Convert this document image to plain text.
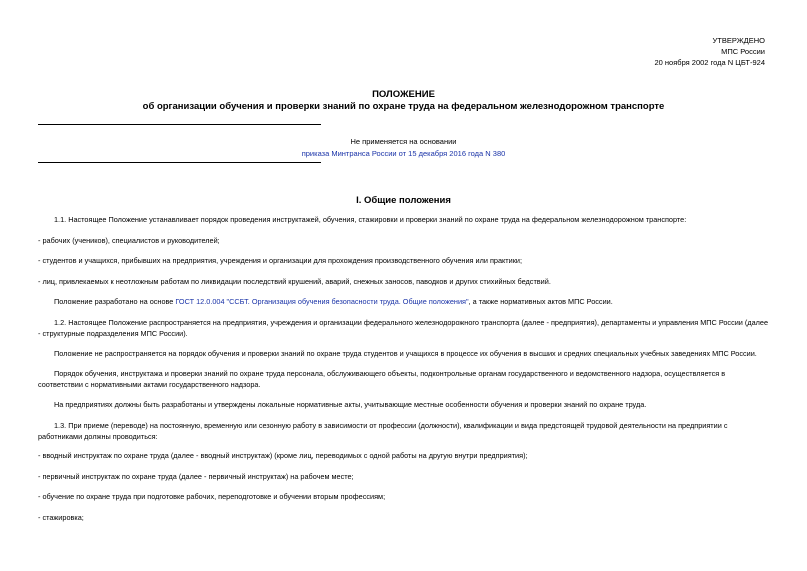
УТВЕРЖДЕНО
МПС России
20 ноября 2002 года N ЦБТ-924
ПОЛОЖЕНИЕ
об организации обучения и проверки знаний по охране труда на федеральном железнодорожном транспорте
Не применяется на основании
приказа Минтранса России от 15 декабря 2016 года N 380
I. Общие положения
1.1. Настоящее Положение устанавливает порядок проведения инструктажей, обучения, стажировки и проверки знаний по охране труда на федеральном железнодорожном транспорте:
- рабочих (учеников), специалистов и руководителей;
- студентов и учащихся, прибывших на предприятия, учреждения и организации для прохождения производственного обучения или практики;
- лиц, привлекаемых к неотложным работам по ликвидации последствий крушений, аварий, снежных заносов, паводков и других стихийных бедствий.
Положение разработано на основе ГОСТ 12.0.004 "ССБТ. Организация обучения безопасности труда. Общие положения", а также нормативных актов МПС России.
1.2. Настоящее Положение распространяется на предприятия, учреждения и организации федерального железнодорожного транспорта (далее - предприятия), департаменты и управления МПС России (далее - структурные подразделения МПС России).
Положение не распространяется на порядок обучения и проверки знаний по охране труда студентов и учащихся в процессе их обучения в высших и средних специальных учебных заведениях МПС России.
Порядок обучения, инструктажа и проверки знаний по охране труда персонала, обслуживающего объекты, подконтрольные органам государственного и ведомственного надзора, осуществляется в соответствии с нормативными актами государственного надзора.
На предприятиях должны быть разработаны и утверждены локальные нормативные акты, учитывающие местные особенности обучения и проверки знаний по охране труда.
1.3. При приеме (переводе) на постоянную, временную или сезонную работу в зависимости от профессии (должности), квалификации и вида предстоящей трудовой деятельности на предприятии с работниками должны проводиться:
- вводный инструктаж по охране труда (далее - вводный инструктаж) (кроме лиц, переводимых с одной работы на другую внутри предприятия);
- первичный инструктаж по охране труда (далее - первичный инструктаж) на рабочем месте;
- обучение по охране труда при подготовке рабочих, переподготовке и обучении вторым профессиям;
- стажировка;
